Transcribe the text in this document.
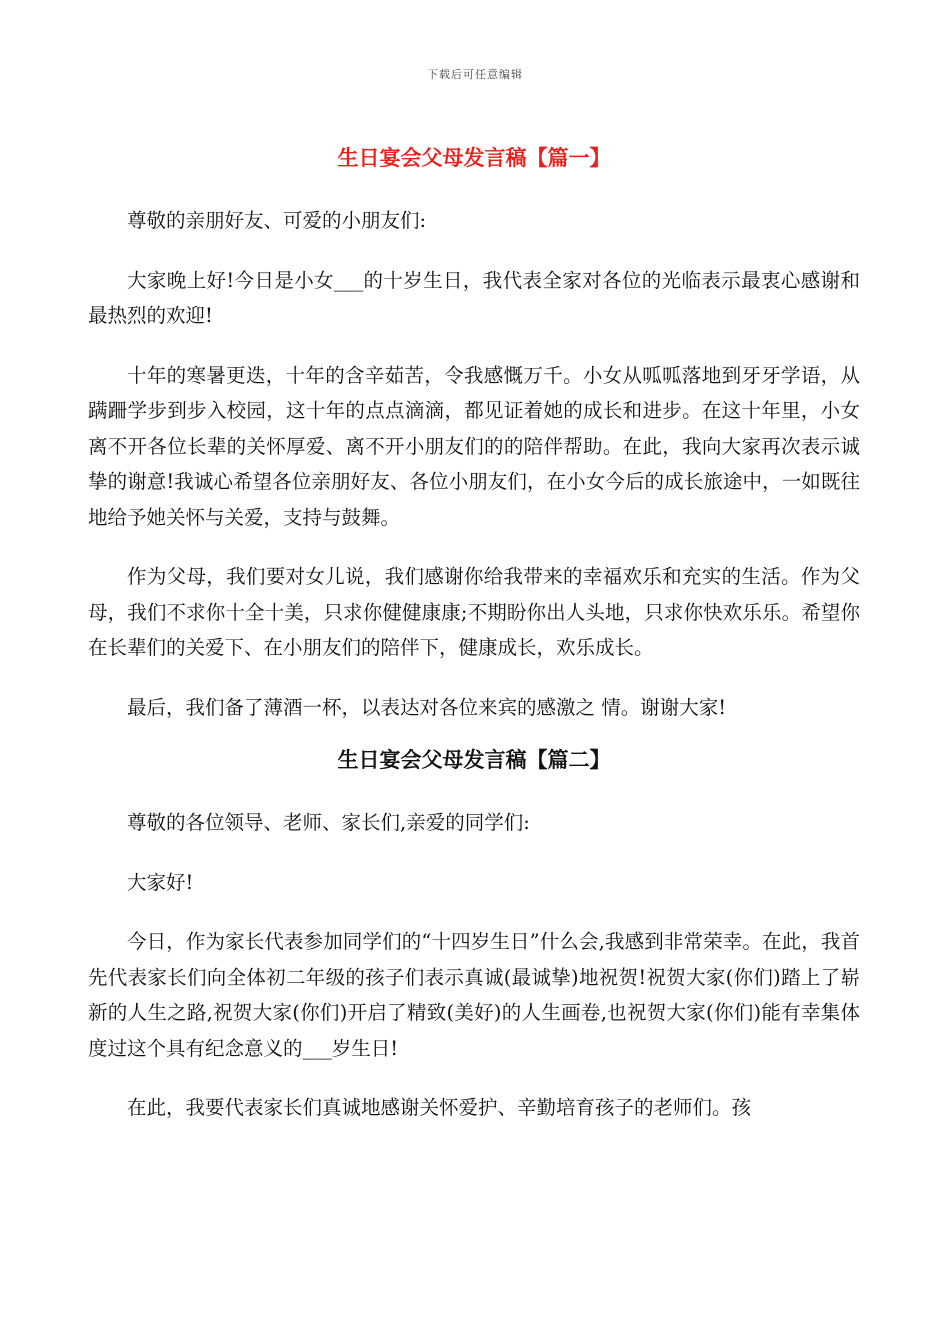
下载后可任意编辑
生日宴会父母发言稿【篇一】

尊敬的亲朋好友、可爱的小朋友们:

大家晚上好!今日是小女___的十岁生日，我代表全家对各位的光临表示最衷心感谢和最热烈的欢迎!

十年的寒暑更迭，十年的含辛茹苦，令我感慨万千。小女从呱呱落地到牙牙学语，从蹒跚学步到步入校园，这十年的点点滴滴，都见证着她的成长和进步。在这十年里，小女离不开各位长辈的关怀厚爱、离不开小朋友们的的陪伴帮助。在此，我向大家再次表示诚挚的谢意!我诚心希望各位亲朋好友、各位小朋友们，在小女今后的成长旅途中，一如既往地给予她关怀与关爱，支持与鼓舞。

作为父母，我们要对女儿说，我们感谢你给我带来的幸福欢乐和充实的生活。作为父母，我们不求你十全十美，只求你健健康康;不期盼你出人头地，只求你快欢乐乐。希望你在长辈们的关爱下、在小朋友们的陪伴下，健康成长，欢乐成长。

最后，我们备了薄酒一杯，以表达对各位来宾的感激之 情。谢谢大家!

生日宴会父母发言稿【篇二】

尊敬的各位领导、老师、家长们,亲爱的同学们:

大家好!

今日，作为家长代表参加同学们的“十四岁生日”什么会,我感到非常荣幸。在此，我首先代表家长们向全体初二年级的孩子们表示真诚(最诚挚)地祝贺!祝贺大家(你们)踏上了崭新的人生之路,祝贺大家(你们)开启了精致(美好)的人生画卷,也祝贺大家(你们)能有幸集体度过这个具有纪念意义的___岁生日!

在此，我要代表家长们真诚地感谢关怀爱护、辛勤培育孩子的老师们。孩
